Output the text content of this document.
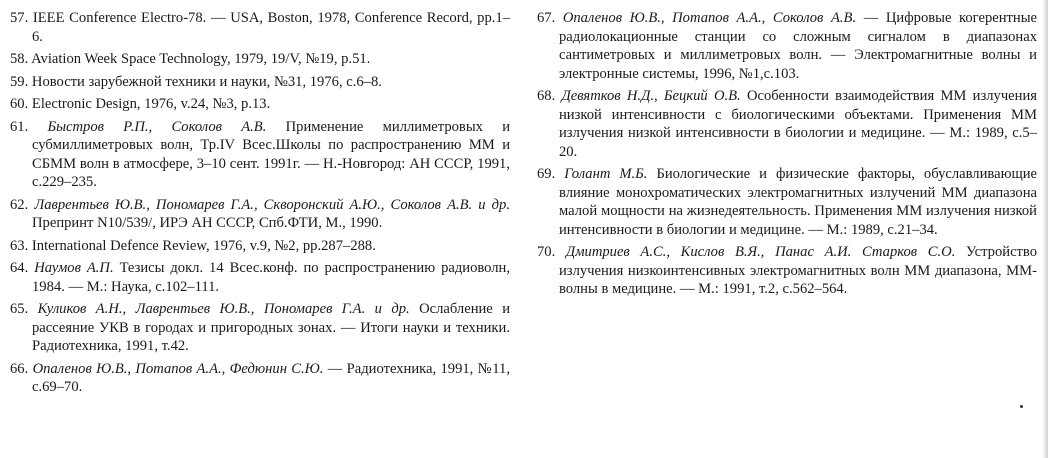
57. IEEE Conference Electro-78. — USA, Boston, 1978, Conference Record, pp.1–6.

58. Aviation Week Space Technology, 1979, 19/V, №19, p.51.

59. Новости зарубежной техники и науки, №31, 1976, с.6–8.

60. Electronic Design, 1976, v.24, №3, p.13.

61. Быстров Р.П., Соколов А.В. Применение миллиметровых и субмиллиметровых волн, Тр.IV Всес.Школы по распространению ММ и СБММ волн в атмосфере, 3–10 сент. 1991г. — Н.-Новгород: АН СССР, 1991, с.229–235.

62. Лаврентьев Ю.В., Пономарев Г.А., Скворонский А.Ю., Соколов А.В. и др.Препринт N10/539/, ИРЭ АН СССР, Спб.ФТИ, М., 1990.

63. International Defence Review, 1976, v.9, №2, pp.287–288.

64. Наумов А.П. Тезисы докл. 14 Всес.конф. по распространению радиоволн, 1984. — М.: Наука, с.102–111.

65. Куликов А.Н., Лаврентьев Ю.В., Пономарев Г.А. и др. Ослабление и рассеяние УКВ в городах и пригородных зонах. — Итоги науки и техники. Радиотехника, 1991, т.42.

66. Опаленов Ю.В., Потапов А.А., Федюнин С.Ю. — Радиотехника, 1991, №11, с.69–70.

67. Опаленов Ю.В., Потапов А.А., Соколов А.В. — Цифровые когерентные радиолокационные станции со сложным сигналом в диапазонах сантиметровых и миллиметровых волн. — Электромагнитные волны и электронные системы, 1996, №1,с.103.

68. Девятков Н.Д., Бецкий О.В. Особенности взаимодействия ММ излучения низкой интенсивности с биологическими объектами. Применения ММ излучения низкой интенсивности в биологии и медицине. — М.: 1989, с.5–20.

69. Голант М.Б. Биологические и физические факторы, обуславливающие влияние монохроматических электромагнитных излучений ММ диапазона малой мощности на жизнедеятельность. Применения ММ излучения низкой интенсивности в биологии и медицине. — М.: 1989, с.21–34.

70. Дмитриев А.С., Кислов В.Я., Панас А.И. Старков С.О. Устройство излучения низкоинтенсивных электромагнитных волн ММ диапазона, ММ-волны в медицине. — М.: 1991, т.2, с.562–564.
